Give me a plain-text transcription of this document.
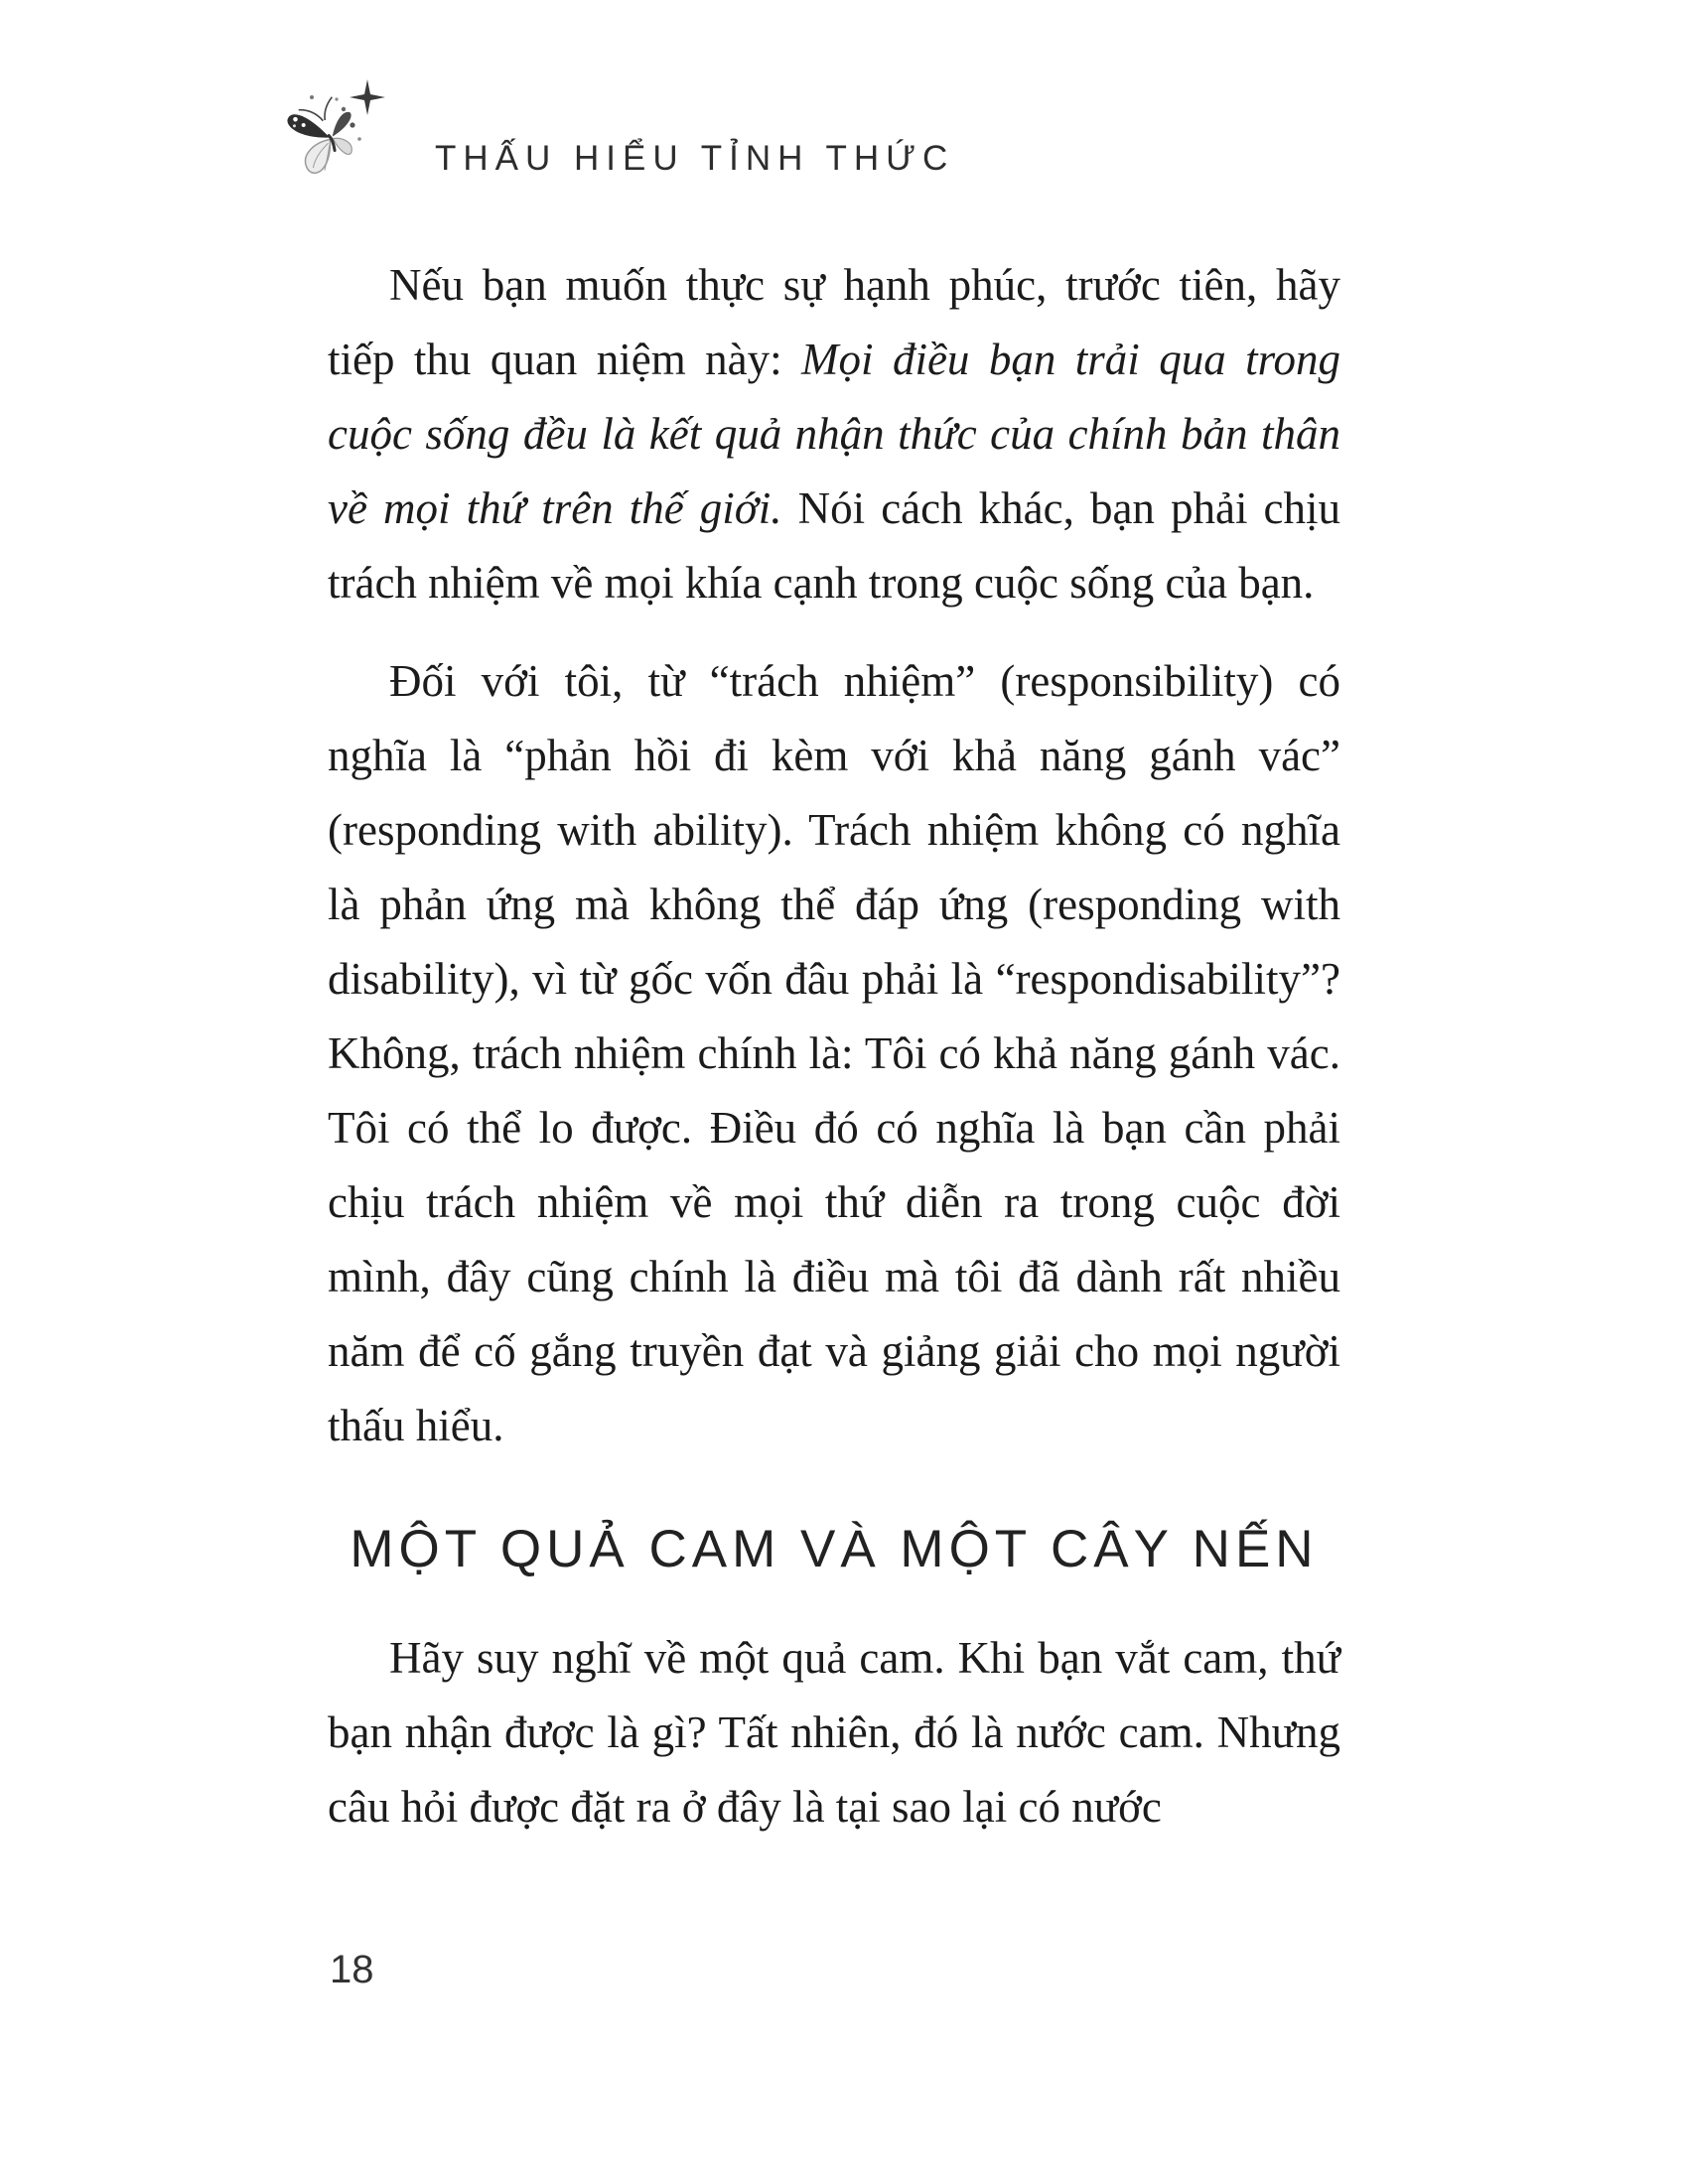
THẤU HIỂU TỈNH THỨC

Nếu bạn muốn thực sự hạnh phúc, trước tiên, hãy tiếp thu quan niệm này: Mọi điều bạn trải qua trong cuộc sống đều là kết quả nhận thức của chính bản thân về mọi thứ trên thế giới. Nói cách khác, bạn phải chịu trách nhiệm về mọi khía cạnh trong cuộc sống của bạn.

Đối với tôi, từ “trách nhiệm” (responsibility) có nghĩa là “phản hồi đi kèm với khả năng gánh vác” (responding with ability). Trách nhiệm không có nghĩa là phản ứng mà không thể đáp ứng (responding with disability), vì từ gốc vốn đâu phải là “respondisability”? Không, trách nhiệm chính là: Tôi có khả năng gánh vác. Tôi có thể lo được. Điều đó có nghĩa là bạn cần phải chịu trách nhiệm về mọi thứ diễn ra trong cuộc đời mình, đây cũng chính là điều mà tôi đã dành rất nhiều năm để cố gắng truyền đạt và giảng giải cho mọi người thấu hiểu.

MỘT QUẢ CAM VÀ MỘT CÂY NẾN

Hãy suy nghĩ về một quả cam. Khi bạn vắt cam, thứ bạn nhận được là gì? Tất nhiên, đó là nước cam. Nhưng câu hỏi được đặt ra ở đây là tại sao lại có nước

18
